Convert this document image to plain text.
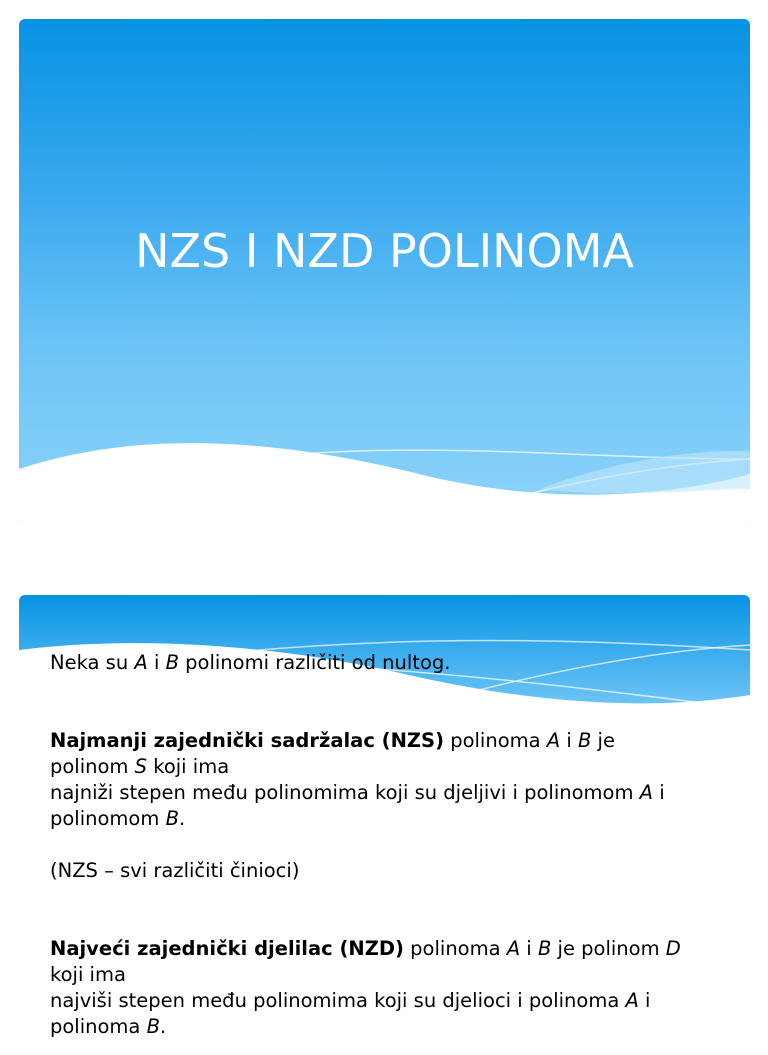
NZS I NZD POLINOMA

Neka su A i B polinomi različiti od nultog.

Najmanji zajednički sadržalac (NZS) polinoma A i B je
polinom S koji ima
najniži stepen među polinomima koji su djeljivi i polinomom A i
polinomom B.

(NZS – svi različiti činioci)

Najveći zajednički djelilac (NZD) polinoma A i B je polinom D
koji ima
najviši stepen među polinomima koji su djelioci i polinoma A i
polinoma B.
